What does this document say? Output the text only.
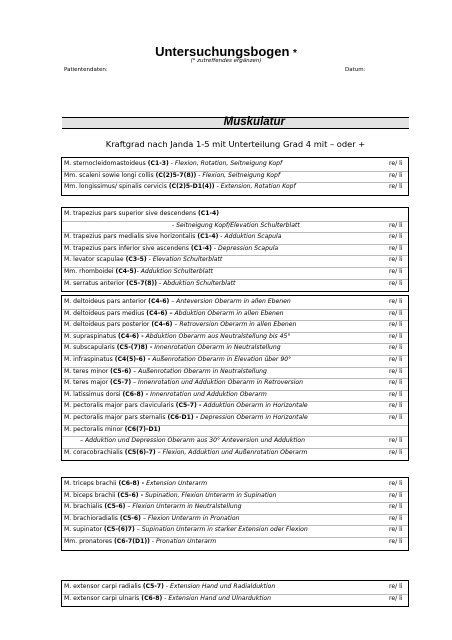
Untersuchungsbogen *
(* zutreffendes ergänzen)
Patientendaten:	Datum:
Muskulatur
Kraftgrad nach Janda 1-5 mit Unterteilung Grad 4 mit – oder +
M. sternocleidomastoideus (C1-3) - Flexion, Rotation, Seitneigung Kopf	re/ li
Mm. scaleni sowie longi collis (C(2)5-7(8)) - Flexion, Seitneigung Kopf	re/ li
Mm. longissimus/ spinalis cervicis (C(2)5-D1(4)) - Extension, Rotation Kopf	re/ li
M. trapezius pars superior sive descendens (C1-4)
- Seitneigung Kopf/Elevation Schulterblatt	re/ li
M. trapezius pars medialis sive horizontalis (C1-4) - Adduktion Scapula	re/ li
M. trapezius pars inferior sive ascendens (C1-4) - Depression Scapula	re/ li
M. levator scapulae (C3-5) - Elevation Schulterblatt	re/ li
Mm. rhomboidei (C4-5)- Adduktion Schulterblatt	re/ li
M. serratus anterior (C5-7(8)) - Abduktion Schulterblatt	re/ li
M. deltoideus pars anterior (C4-6) – Anteversion Oberarm in allen Ebenen	re/ li
M. deltoideus pars medius (C4-6) – Abduktion Oberarm in allen Ebenen	re/ li
M. deltoideus pars posterior (C4-6) – Retroversion Oberarm in allen Ebenen	re/ li
M. supraspinatus (C4-6) - Abduktion Oberarm aus Neutralstellung bis 45°	re/ li
M. subscapularis (C5-(7)8) - Innenrotation Oberarm in Neutralstellung	re/ li
M. infraspinatus (C4(5)-6) - Außenrotation Oberarm in Elevation über 90°	re/ li
M. teres minor (C5-6) – Außenrotation Oberarm in Neutralstellung	re/ li
M. teres major (C5-7) – Innenrotation und Adduktion Oberarm in Retroversion	re/ li
M. latissimus dorsi (C6-8) - Innenrotation und Adduktion Oberarm	re/ li
M. pectoralis major pars clavicularis (C5-7) - Adduktion Oberarm in Horizontale	re/ li
M. pectoralis major pars sternalis (C6-D1) - Depression Oberarm in Horizontale	re/ li
M. pectoralis minor (C6(7)-D1)
– Adduktion und Depression Oberarm aus 30° Anteversion und Adduktion	re/ li
M. coracobrachialis (C5(6)-7) – Flexion, Adduktion und Außenrotation Oberarm	re/ li
M. triceps brachii (C6-8) - Extension Unterarm	re/ li
M. biceps brachii (C5-6) - Supination, Flexion Unterarm in Supination	re/ li
M. brachialis (C5-6) – Flexion Unterarm in Neutralstellung	re/ li
M. brachioradialis (C5-6) – Flexion Unterarm in Pronation	re/ li
M. supinator (C5-(6)7) – Supination Unterarm in starker Extension oder Flexion	re/ li
Mm. pronatores (C6-7(D1)) - Pronation Unterarm	re/ li
M. extensor carpi radialis (C5-7) - Extension Hand und Radialduktion	re/ li
M. extensor carpi ulnaris (C6-8) - Extension Hand und Ulnarduktion	re/ li
